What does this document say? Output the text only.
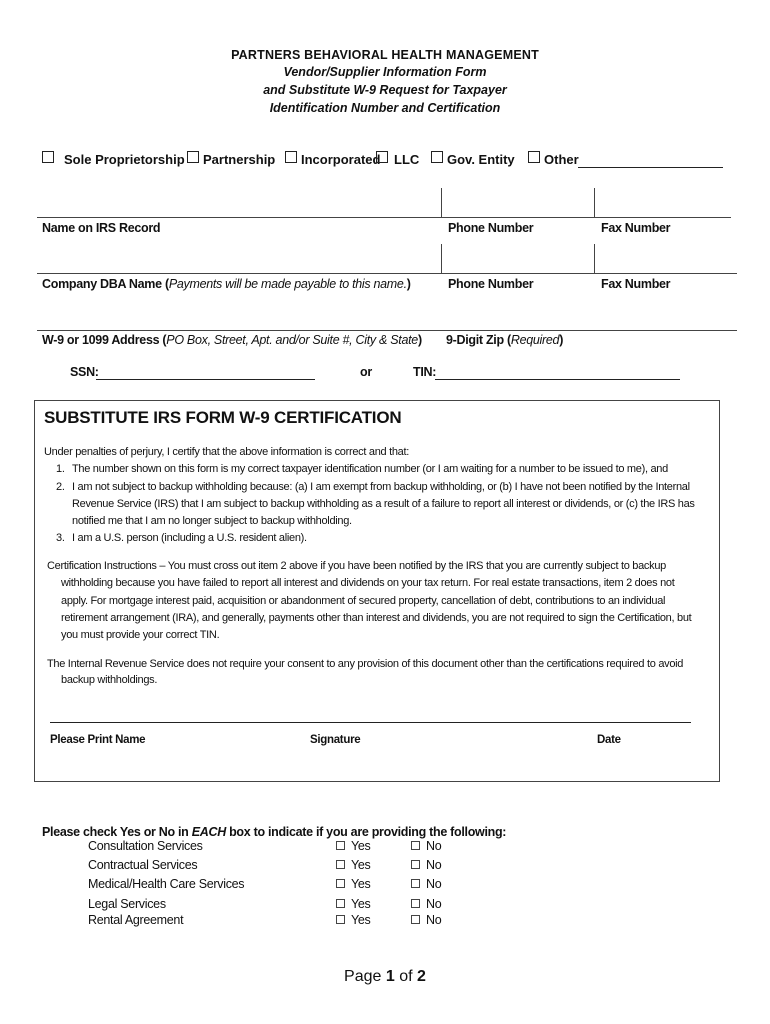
PARTNERS BEHAVIORAL HEALTH MANAGEMENT
Vendor/Supplier Information Form
and Substitute W-9 Request for Taxpayer
Identification Number and Certification
Sole Proprietorship Partnership Incorporated LLC Gov. Entity Other
Name on IRS Record	Phone Number	Fax Number
Company DBA Name (Payments will be made payable to this name.)	Phone Number	Fax Number
W-9 or 1099 Address (PO Box, Street, Apt. and/or Suite #, City & State) 9-Digit Zip (Required)
SSN:	or	TIN:
SUBSTITUTE IRS FORM W-9 CERTIFICATION
Under penalties of perjury, I certify that the above information is correct and that:
1. The number shown on this form is my correct taxpayer identification number (or I am waiting for a number to be issued to me), and
2. I am not subject to backup withholding because: (a) I am exempt from backup withholding, or (b) I have not been notified by the Internal
Revenue Service (IRS) that I am subject to backup withholding as a result of a failure to report all interest or dividends, or (c) the IRS has
notified me that I am no longer subject to backup withholding.
3. I am a U.S. person (including a U.S. resident alien).
Certification Instructions – You must cross out item 2 above if you have been notified by the IRS that you are currently subject to backup
withholding because you have failed to report all interest and dividends on your tax return. For real estate transactions, item 2 does not
apply. For mortgage interest paid, acquisition or abandonment of secured property, cancellation of debt, contributions to an individual
retirement arrangement (IRA), and generally, payments other than interest and dividends, you are not required to sign the Certification, but
you must provide your correct TIN.
The Internal Revenue Service does not require your consent to any provision of this document other than the certifications required to avoid
backup withholdings.
Please Print Name	Signature	Date
Please check Yes or No in EACH box to indicate if you are providing the following:
Consultation Services	Yes	No
Contractual Services	Yes	No
Medical/Health Care Services	Yes	No
Legal Services	Yes	No
Rental Agreement	Yes	No
Page 1 of 2
